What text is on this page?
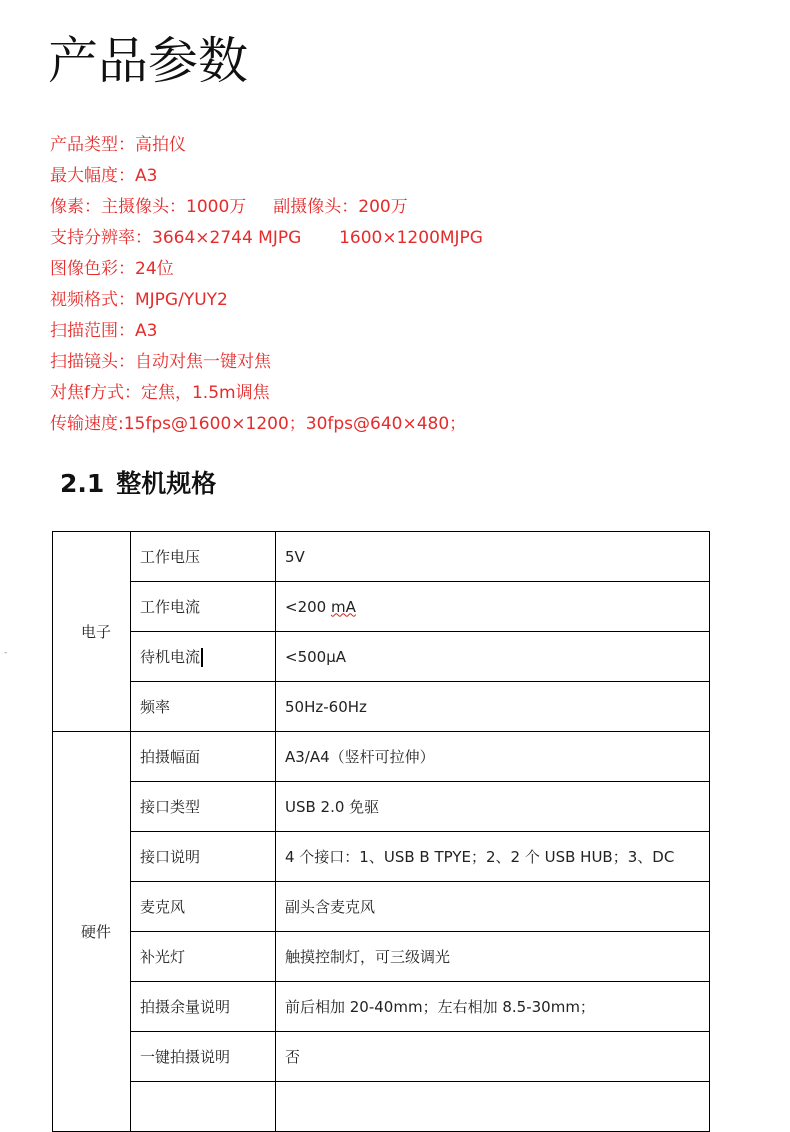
产品参数
产品类型：高拍仪
最大幅度：A3
像素：主摄像头：1000万     副摄像头：200万
支持分辨率：3664×2744 MJPG       1600×1200MJPG
图像色彩：24位
视频格式：MJPG/YUY2
扫描范围：A3
扫描镜头：自动对焦一键对焦
对焦f方式：定焦，1.5m调焦
传输速度:15fps@1600×1200；30fps@640×480；
2.1 整机规格
-
电子	工作电压	5V
	工作电流	<200 mA
	待机电流	<500µA
	频率	50Hz-60Hz
硬件	拍摄幅面	A3/A4（竖杆可拉伸）
	接口类型	USB 2.0 免驱
	接口说明	4 个接口：1、USB B TPYE；2、2 个 USB HUB；3、DC
	麦克风	副头含麦克风
	补光灯	触摸控制灯，可三级调光
	拍摄余量说明	前后相加 20-40mm；左右相加 8.5-30mm；
	一键拍摄说明	否
